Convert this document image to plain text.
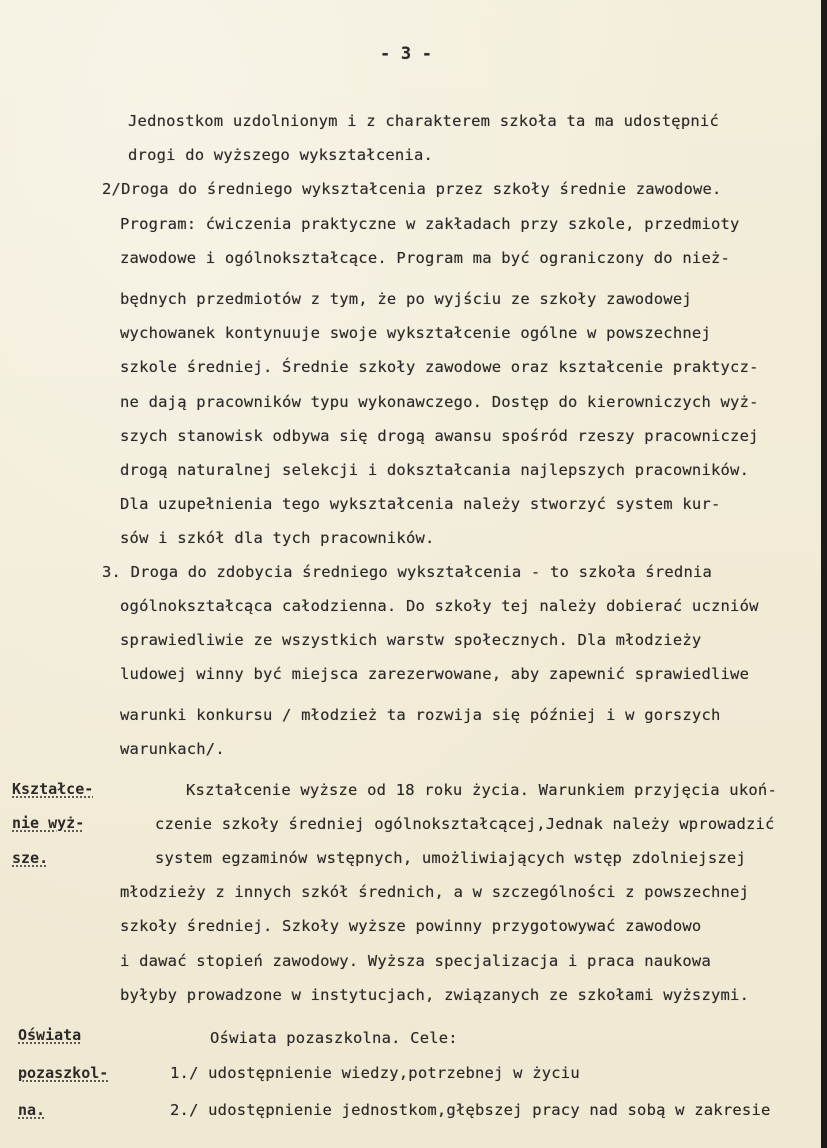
- 3 -
Jednostkom uzdolnionym i z charakterem szkoła ta ma udostępnić
drogi do wyższego wykształcenia.
2/Droga do średniego wykształcenia przez szkoły średnie zawodowe.
Program: ćwiczenia praktyczne w zakładach przy szkole, przedmioty
zawodowe i ogólnokształcące. Program ma być ograniczony do nież-
będnych przedmiotów z tym, że po wyjściu ze szkoły zawodowej
wychowanek kontynuuje swoje wykształcenie ogólne w powszechnej
szkole średniej. Średnie szkoły zawodowe oraz kształcenie praktycz-
ne dają pracowników typu wykonawczego. Dostęp do kierowniczych wyż-
szych stanowisk odbywa się drogą awansu spośród rzeszy pracowniczej
drogą naturalnej selekcji i dokształcania najlepszych pracowników.
Dla uzupełnienia tego wykształcenia należy stworzyć system kur-
sów i szkół dla tych pracowników.
3. Droga do zdobycia średniego wykształcenia - to szkoła średnia
ogólnokształcąca całodzienna. Do szkoły tej należy dobierać uczniów
sprawiedliwie ze wszystkich warstw społecznych. Dla młodzieży
ludowej winny być miejsca zarezerwowane, aby zapewnić sprawiedliwe
warunki konkursu / młodzież ta rozwija się później i w gorszych
warunkach/.
Kształce-
nie wyż-
sze.
Kształcenie wyższe od 18 roku życia. Warunkiem przyjęcia ukoń-
czenie szkoły średniej ogólnokształcącej,Jednak należy wprowadzić
system egzaminów wstępnych, umożliwiających wstęp zdolniejszej
młodzieży z innych szkół średnich, a w szczególności z powszechnej
szkoły średniej. Szkoły wyższe powinny przygotowywać zawodowo
i dawać stopień zawodowy. Wyższa specjalizacja i praca naukowa
byłyby prowadzone w instytucjach, związanych ze szkołami wyższymi.
Oświata
pozaszkol-
na.
Oświata pozaszkolna. Cele:
1./ udostępnienie wiedzy,potrzebnej w życiu
2./ udostępnienie jednostkom,głębszej pracy nad sobą w zakresie
